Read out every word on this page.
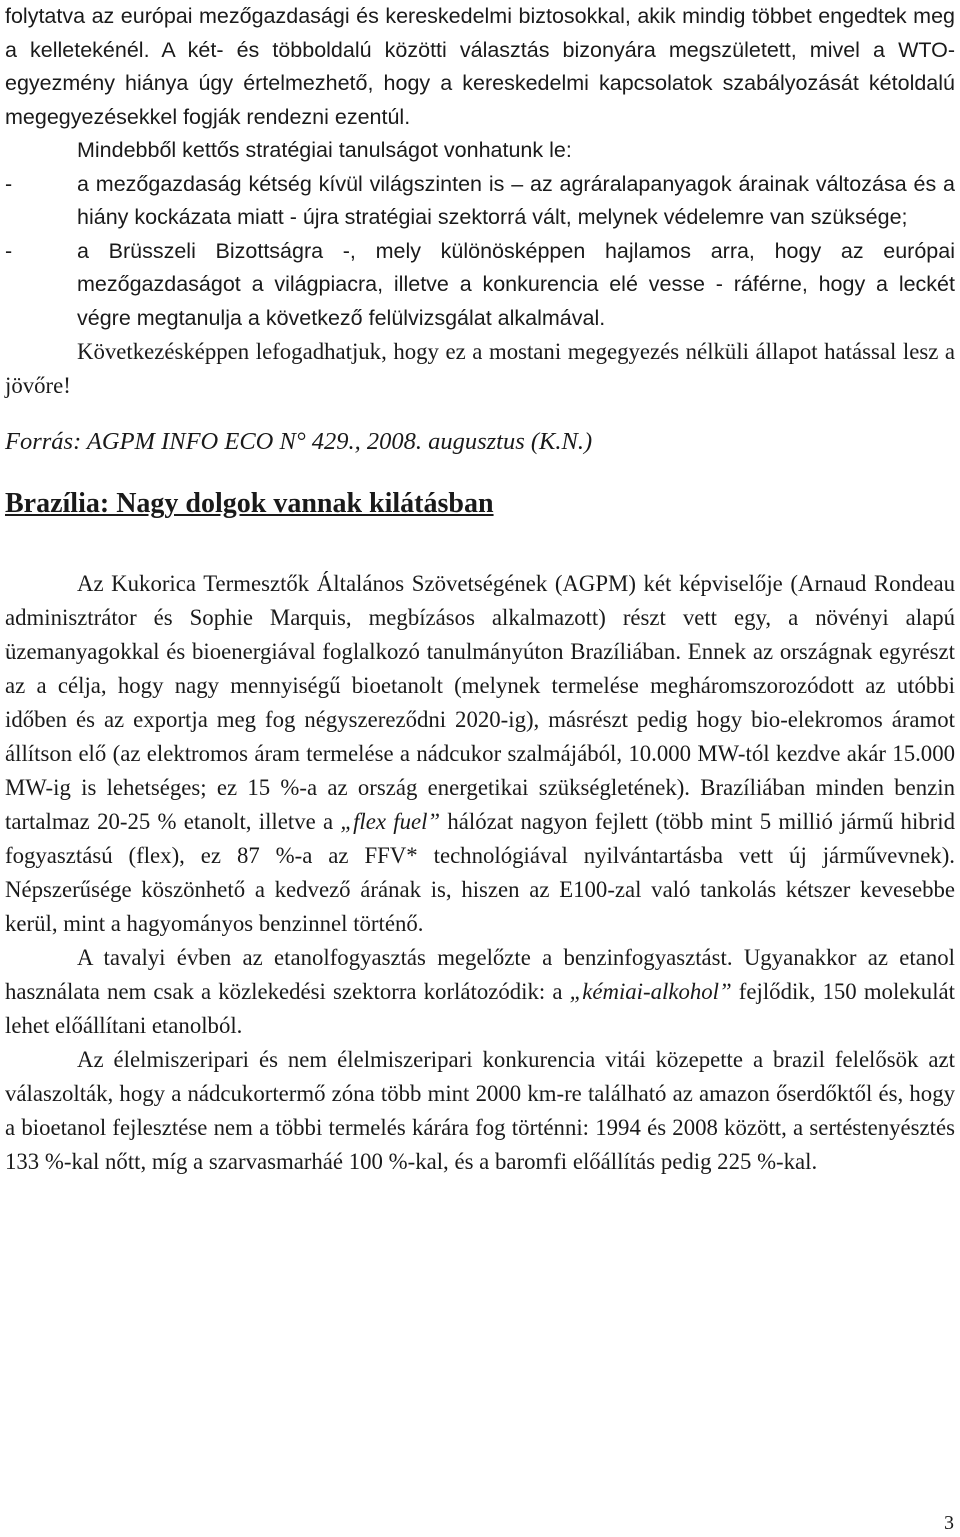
folytatva az európai mezőgazdasági és kereskedelmi biztosokkal, akik mindig többet engedtek meg a kelletekénél. A két- és többoldalú közötti választás bizonyára megszületett, mivel a WTO-egyezmény hiánya úgy értelmezhető, hogy a kereskedelmi kapcsolatok szabályozását kétoldalú megegyezésekkel fogják rendezni ezentúl.

Mindebből kettős stratégiai tanulságot vonhatunk le:

-	a mezőgazdaság kétség kívül világszinten is – az agráralapanyagok árainak változása és a hiány kockázata miatt - újra stratégiai szektorrá vált, melynek védelemre van szüksége;
-	a Brüsszeli Bizottságra -, mely különösképpen hajlamos arra, hogy az európai mezőgazdaságot a világpiacra, illetve a konkurencia elé vesse - ráférne, hogy a leckét végre megtanulja a következő felülvizsgálat alkalmával.

Következésképpen lefogadhatjuk, hogy ez a mostani megegyezés nélküli állapot hatással lesz a jövőre!

Forrás: AGPM INFO ECO N° 429., 2008. augusztus (K.N.)

Brazília: Nagy dolgok vannak kilátásban

Az Kukorica Termesztők Általános Szövetségének (AGPM) két képviselője (Arnaud Rondeau adminisztrátor és Sophie Marquis, megbízásos alkalmazott) részt vett egy, a növényi alapú üzemanyagokkal és bioenergiával foglalkozó tanulmányúton Brazíliában. Ennek az országnak egyrészt az a célja, hogy nagy mennyiségű bioetanolt (melynek termelése megháromszorozódott az utóbbi időben és az exportja meg fog négyszereződni 2020-ig), másrészt pedig hogy bio-elekromos áramot állítson elő (az elektromos áram termelése a nádcukor szalmájából, 10.000 MW-tól kezdve akár 15.000 MW-ig is lehetséges; ez 15 %-a az ország energetikai szükségletének). Brazíliában minden benzin tartalmaz 20-25 % etanolt, illetve a „flex fuel” hálózat nagyon fejlett (több mint 5 millió jármű hibrid fogyasztású (flex), ez 87 %-a az FFV* technológiával nyilvántartásba vett új járművevnek). Népszerűsége köszönhető a kedvező árának is, hiszen az E100-zal való tankolás kétszer kevesebbe kerül, mint a hagyományos benzinnel történő.

A tavalyi évben az etanolfogyasztás megelőzte a benzinfogyasztást. Ugyanakkor az etanol használata nem csak a közlekedési szektorra korlátozódik: a „kémiai-alkohol” fejlődik, 150 molekulát lehet előállítani etanolból.

Az élelmiszeripari és nem élelmiszeripari konkurencia vitái közepette a brazil felelősök azt válaszolták, hogy a nádcukortermő zóna több mint 2000 km-re található az amazon őserdőktől és, hogy a bioetanol fejlesztése nem a többi termelés kárára fog történni: 1994 és 2008 között, a sertéstenyésztés 133 %-kal nőtt, míg a szarvasmarháé 100 %-kal, és a baromfi előállítás pedig 225 %-kal.

3
